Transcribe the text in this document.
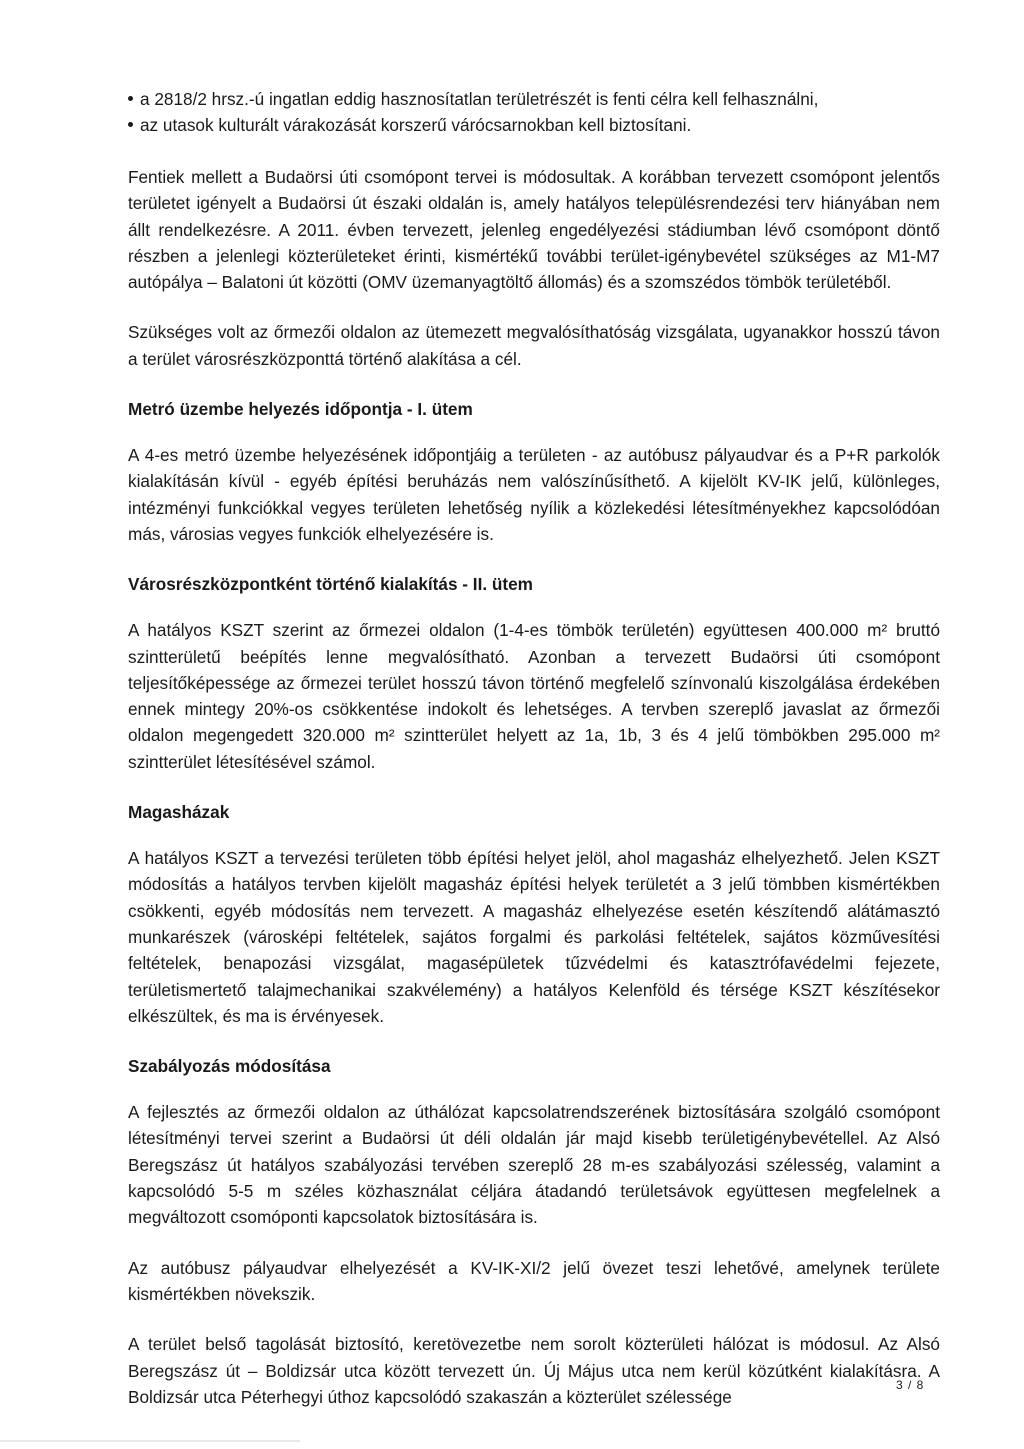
a 2818/2 hrsz.-ú ingatlan eddig hasznosítatlan területrészét is fenti célra kell felhasználni,
az utasok kulturált várakozását korszerű várócsarnokban kell biztosítani.

Fentiek mellett a Budaörsi úti csomópont tervei is módosultak. A korábban tervezett csomópont jelentős területet igényelt a Budaörsi út északi oldalán is, amely hatályos településrendezési terv hiányában nem állt rendelkezésre. A 2011. évben tervezett, jelenleg engedélyezési stádiumban lévő csomópont döntő részben a jelenlegi közterületeket érinti, kismértékű további terület-igénybevétel szükséges az M1-M7 autópálya – Balatoni út közötti (OMV üzemanyagtöltő állomás) és a szomszédos tömbök területéből.

Szükséges volt az őrmezői oldalon az ütemezett megvalósíthatóság vizsgálata, ugyanakkor hosszú távon a terület városrészközponttá történő alakítása a cél.

Metró üzembe helyezés időpontja - I. ütem

A 4-es metró üzembe helyezésének időpontjáig a területen - az autóbusz pályaudvar és a P+R parkolók kialakításán kívül - egyéb építési beruházás nem valószínűsíthető. A kijelölt KV-IK jelű, különleges, intézményi funkciókkal vegyes területen lehetőség nyílik a közlekedési létesítményekhez kapcsolódóan más, városias vegyes funkciók elhelyezésére is.

Városrészközpontként történő kialakítás - II. ütem

A hatályos KSZT szerint az őrmezei oldalon (1-4-es tömbök területén) együttesen 400.000 m² bruttó szintterületű beépítés lenne megvalósítható. Azonban a tervezett Budaörsi úti csomópont teljesítőképessége az őrmezei terület hosszú távon történő megfelelő színvonalú kiszolgálása érdekében ennek mintegy 20%-os csökkentése indokolt és lehetséges. A tervben szereplő javaslat az őrmezői oldalon megengedett 320.000 m² szintterület helyett az 1a, 1b, 3 és 4 jelű tömbökben 295.000 m² szintterület létesítésével számol.

Magasházak

A hatályos KSZT a tervezési területen több építési helyet jelöl, ahol magasház elhelyezhető. Jelen KSZT módosítás a hatályos tervben kijelölt magasház építési helyek területét a 3 jelű tömbben kismértékben csökkenti, egyéb módosítás nem tervezett. A magasház elhelyezése esetén készítendő alátámasztó munkarészek (városképi feltételek, sajátos forgalmi és parkolási feltételek, sajátos közművesítési feltételek, benapozási vizsgálat, magasépületek tűzvédelmi és katasztrófavédelmi fejezete, területismertető talajmechanikai szakvélemény) a hatályos Kelenföld és térsége KSZT készítésekor elkészültek, és ma is érvényesek.

Szabályozás módosítása

A fejlesztés az őrmezői oldalon az úthálózat kapcsolatrendszerének biztosítására szolgáló csomópont létesítményi tervei szerint a Budaörsi út déli oldalán jár majd kisebb területigénybevétellel. Az Alsó Beregszász út hatályos szabályozási tervében szereplő 28 m-es szabályozási szélesség, valamint a kapcsolódó 5-5 m széles közhasználat céljára átadandó területsávok együttesen megfelelnek a megváltozott csomóponti kapcsolatok biztosítására is.

Az autóbusz pályaudvar elhelyezését a KV-IK-XI/2 jelű övezet teszi lehetővé, amelynek területe kismértékben növekszik.

A terület belső tagolását biztosító, keretövezetbe nem sorolt közterületi hálózat is módosul. Az Alsó Beregszász út – Boldizsár utca között tervezett ún. Új Május utca nem kerül közútként kialakításra. A Boldizsár utca Péterhegyi úthoz kapcsolódó szakaszán a közterület szélessége

3 / 8
